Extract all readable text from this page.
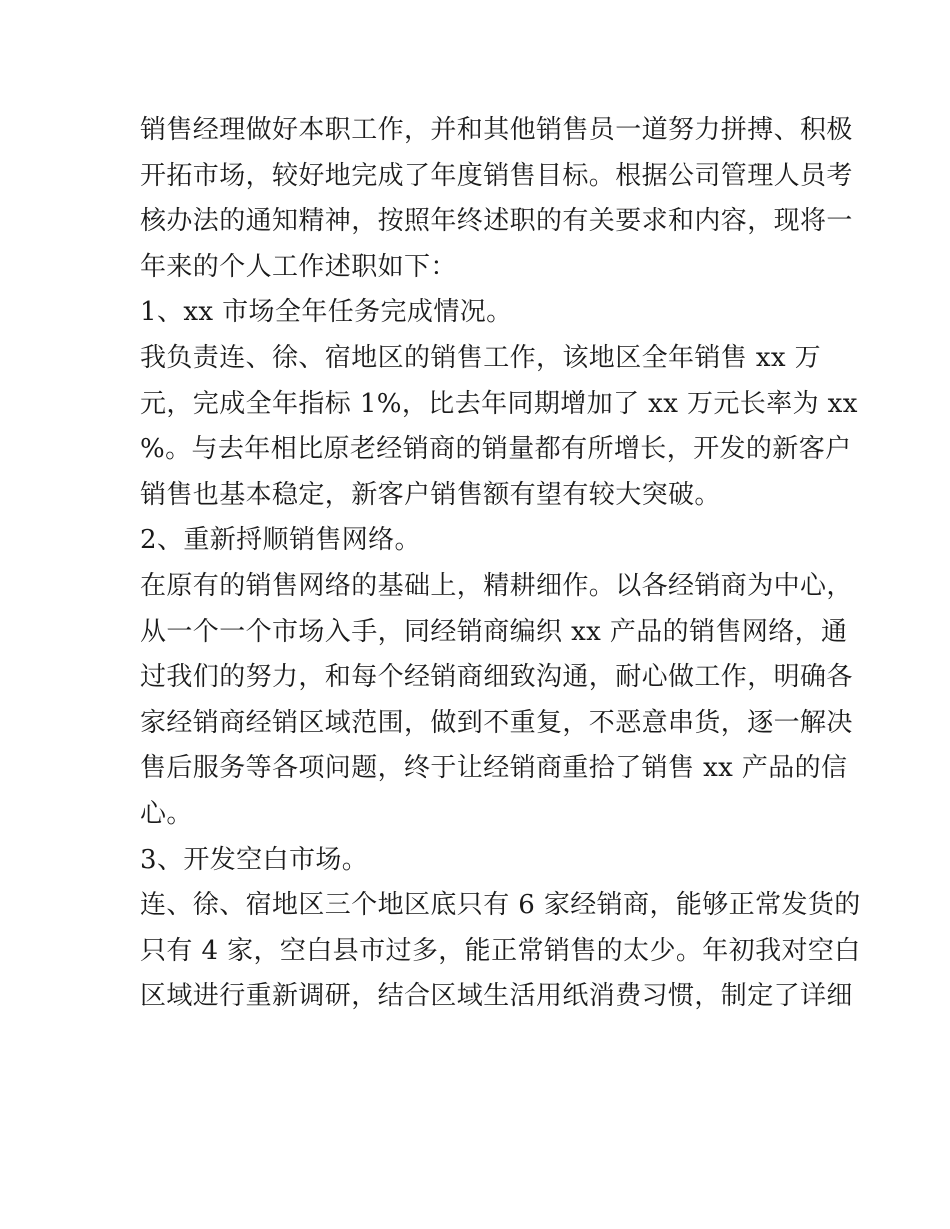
销售经理做好本职工作，并和其他销售员一道努力拼搏、积极
开拓市场，较好地完成了年度销售目标。根据公司管理人员考
核办法的通知精神，按照年终述职的有关要求和内容，现将一
年来的个人工作述职如下：
1、xx 市场全年任务完成情况。
我负责连、徐、宿地区的销售工作，该地区全年销售 xx 万
元，完成全年指标 1%，比去年同期增加了 xx 万元长率为 xx
%。与去年相比原老经销商的销量都有所增长，开发的新客户
销售也基本稳定，新客户销售额有望有较大突破。
2、重新捋顺销售网络。
在原有的销售网络的基础上，精耕细作。以各经销商为中心，
从一个一个市场入手，同经销商编织 xx 产品的销售网络，通
过我们的努力，和每个经销商细致沟通，耐心做工作，明确各
家经销商经销区域范围，做到不重复，不恶意串货，逐一解决
售后服务等各项问题，终于让经销商重拾了销售 xx 产品的信
心。
3、开发空白市场。
连、徐、宿地区三个地区底只有 6 家经销商，能够正常发货的
只有 4 家，空白县市过多，能正常销售的太少。年初我对空白
区域进行重新调研，结合区域生活用纸消费习惯，制定了详细
